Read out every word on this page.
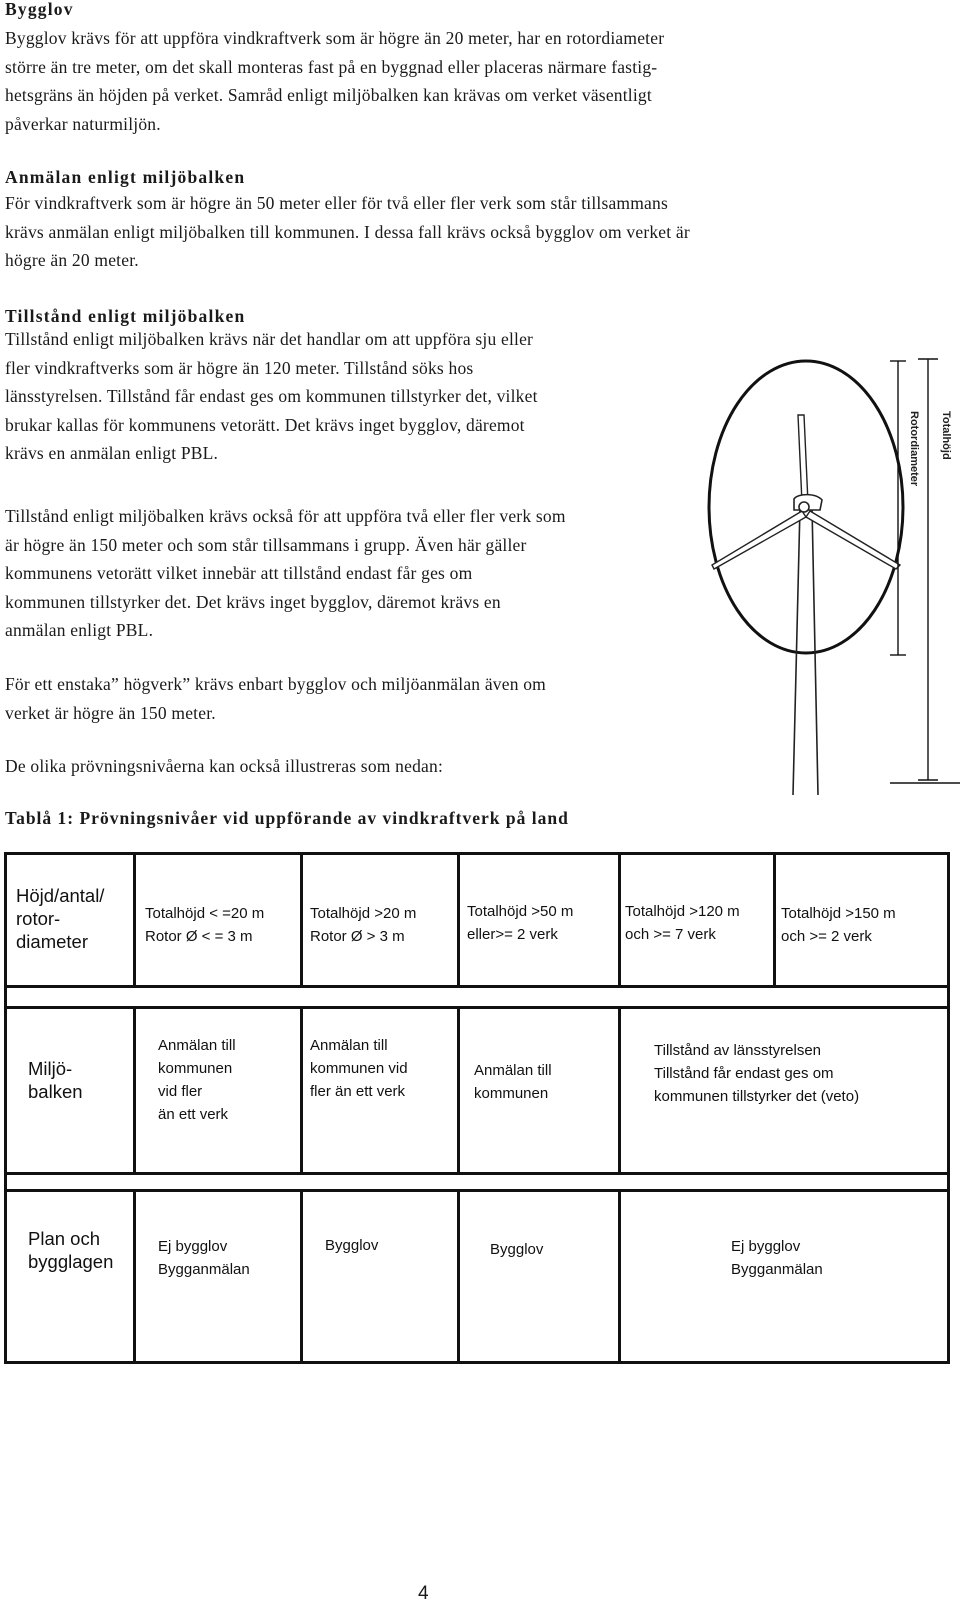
Bygglov
Bygglov krävs för att uppföra vindkraftverk som är högre än 20 meter, har en rotordiameter
större än tre meter, om det skall monteras fast på en byggnad eller placeras närmare fastig-
hetsgräns än höjden på verket. Samråd enligt miljöbalken kan krävas om verket väsentligt
påverkar naturmiljön.
Anmälan enligt miljöbalken
För vindkraftverk som är högre än 50 meter eller för två eller fler verk som står tillsammans
krävs anmälan enligt miljöbalken till kommunen. I dessa fall krävs också bygglov om verket är
högre än 20 meter.
Tillstånd enligt miljöbalken
Tillstånd enligt miljöbalken krävs när det handlar om att uppföra sju eller
fler vindkraftverks som är högre än 120 meter. Tillstånd söks hos
länsstyrelsen. Tillstånd får endast ges om kommunen tillstyrker det, vilket
brukar kallas för kommunens vetorätt. Det krävs inget bygglov, däremot
krävs en anmälan enligt PBL.
Tillstånd enligt miljöbalken krävs också för att uppföra två eller fler verk som
är högre än 150 meter och som står tillsammans i grupp. Även här gäller
kommunens vetorätt vilket innebär att tillstånd endast får ges om
kommunen tillstyrker det. Det krävs inget bygglov, däremot krävs en
anmälan enligt PBL.
För ett enstaka” högverk” krävs enbart bygglov och miljöanmälan även om
verket är högre än 150 meter.
De olika prövningsnivåerna kan också illustreras som nedan:
Rotordiameter Totalhöjd
Tablå 1: Prövningsnivåer vid uppförande av vindkraftverk på land
Höjd/antal/
rotor-
diameter
Totalhöjd < =20 m
Rotor Ø < = 3 m
Totalhöjd >20 m
Rotor Ø > 3 m
Totalhöjd >50 m
eller>= 2 verk
Totalhöjd >120 m
och >= 7 verk
Totalhöjd >150 m
och >= 2 verk
Miljö-
balken
Anmälan till
kommunen
vid fler
än ett verk
Anmälan till
kommunen vid
fler än ett verk
Anmälan till
kommunen
Tillstånd av länsstyrelsen
Tillstånd får endast ges om
kommunen tillstyrker det (veto)
Plan och
bygglagen
Ej bygglov
Bygganmälan
Bygglov	Bygglov	Ej bygglov
Bygganmälan
4
